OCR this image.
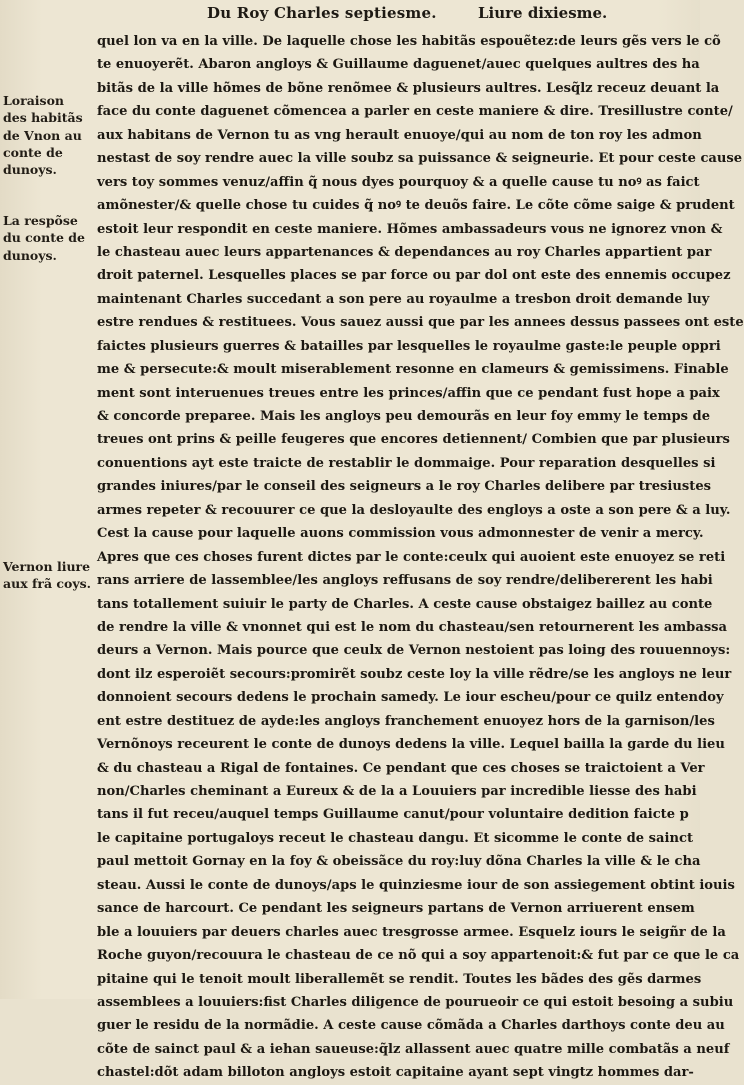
Du Roy Charles septiesme.	Liure dixiesme.
Loraison des habitãs de Vnon au conte de dunoys.
La respõse du conte de dunoys.
Vernon liure aux frã coys.
quel lon va en la ville. De laquelle chose les habitãs espouẽtez:de leurs gẽs vers le cõ
te enuoyerẽt. Abaron angloys & Guillaume daguenet/auec quelques aultres des ha
bitãs de la ville hõmes de bõne renõmee & plusieurs aultres. Lesq̃lz receuz deuant la
face du conte daguenet cõmencea a parler en ceste maniere & dire. Tresillustre conte/
aux habitans de Vernon tu as vng herault enuoye/qui au nom de ton roy les admon
nestast de soy rendre auec la ville soubz sa puissance & seigneurie. Et pour ceste cause
vers toy sommes venuz/affin q̃ nous dyes pourquoy & a quelle cause tu noꝰ as faict
amõnester/& quelle chose tu cuides q̃ noꝰ te deuõs faire. Le cõte cõme saige & prudent
estoit leur respondit en ceste maniere. Hõmes ambassadeurs vous ne ignorez vnon &
le chasteau auec leurs appartenances & dependances au roy Charles appartient par
droit paternel. Lesquelles places se par force ou par dol ont este des ennemis occupez
maintenant Charles succedant a son pere au royaulme a tresbon droit demande luy
estre rendues & restituees. Vous sauez aussi que par les annees dessus passees ont este
faictes plusieurs guerres & batailles par lesquelles le royaulme gaste:le peuple oppri
me & persecute:& moult miserablement resonne en clameurs & gemissimens. Finable
ment sont interuenues treues entre les princes/affin que ce pendant fust hope a paix
& concorde preparee. Mais les angloys peu demourãs en leur foy emmy le temps de
treues ont prins & peille feugeres que encores detiennent/ Combien que par plusieurs
conuentions ayt este traicte de restablir le dommaige. Pour reparation desquelles si
grandes iniures/par le conseil des seigneurs a le roy Charles delibere par tresiustes
armes repeter & recouurer ce que la desloyaulte des engloys a oste a son pere & a luy.
Cest la cause pour laquelle auons commission vous admonnester de venir a mercy.
Apres que ces choses furent dictes par le conte:ceulx qui auoient este enuoyez se reti
rans arriere de lassemblee/les angloys reffusans de soy rendre/delibererent les habi
tans totallement suiuir le party de Charles. A ceste cause obstaigez baillez au conte
de rendre la ville & vnonnet qui est le nom du chasteau/sen retournerent les ambassa
deurs a Vernon. Mais pource que ceulx de Vernon nestoient pas loing des rouuennoys:
dont ilz esperoiẽt secours:promirẽt soubz ceste loy la ville rẽdre/se les angloys ne leur
donnoient secours dedens le prochain samedy. Le iour escheu/pour ce quilz entendoy
ent estre destituez de ayde:les angloys franchement enuoyez hors de la garnison/les
Vernõnoys receurent le conte de dunoys dedens la ville. Lequel bailla la garde du lieu
& du chasteau a Rigal de fontaines. Ce pendant que ces choses se traictoient a Ver
non/Charles cheminant a Eureux & de la a Louuiers par incredible liesse des habi
tans il fut receu/auquel temps Guillaume canut/pour voluntaire dedition faicte p
le capitaine portugaloys receut le chasteau dangu. Et sicomme le conte de sainct
paul mettoit Gornay en la foy & obeissãce du roy:luy dõna Charles la ville & le cha
steau. Aussi le conte de dunoys/aps le quinziesme iour de son assiegement obtint iouis
sance de harcourt. Ce pendant les seigneurs partans de Vernon arriuerent ensem
ble a louuiers par deuers charles auec tresgrosse armee. Esquelz iours le seigñr de la
Roche guyon/recouura le chasteau de ce nõ qui a soy appartenoit:& fut par ce que le ca
pitaine qui le tenoit moult liberallemẽt se rendit. Toutes les bãdes des gẽs darmes
assemblees a louuiers:fist Charles diligence de pourueoir ce qui estoit besoing a subiu
guer le residu de la normãdie. A ceste cause cõmãda a Charles darthoys conte deu au
cõte de sainct paul & a iehan saueuse:q̃lz allassent auec quatre mille combatãs a neuf
chastel:dõt adam billoton angloys estoit capitaine ayant sept vingtz hommes dar-
